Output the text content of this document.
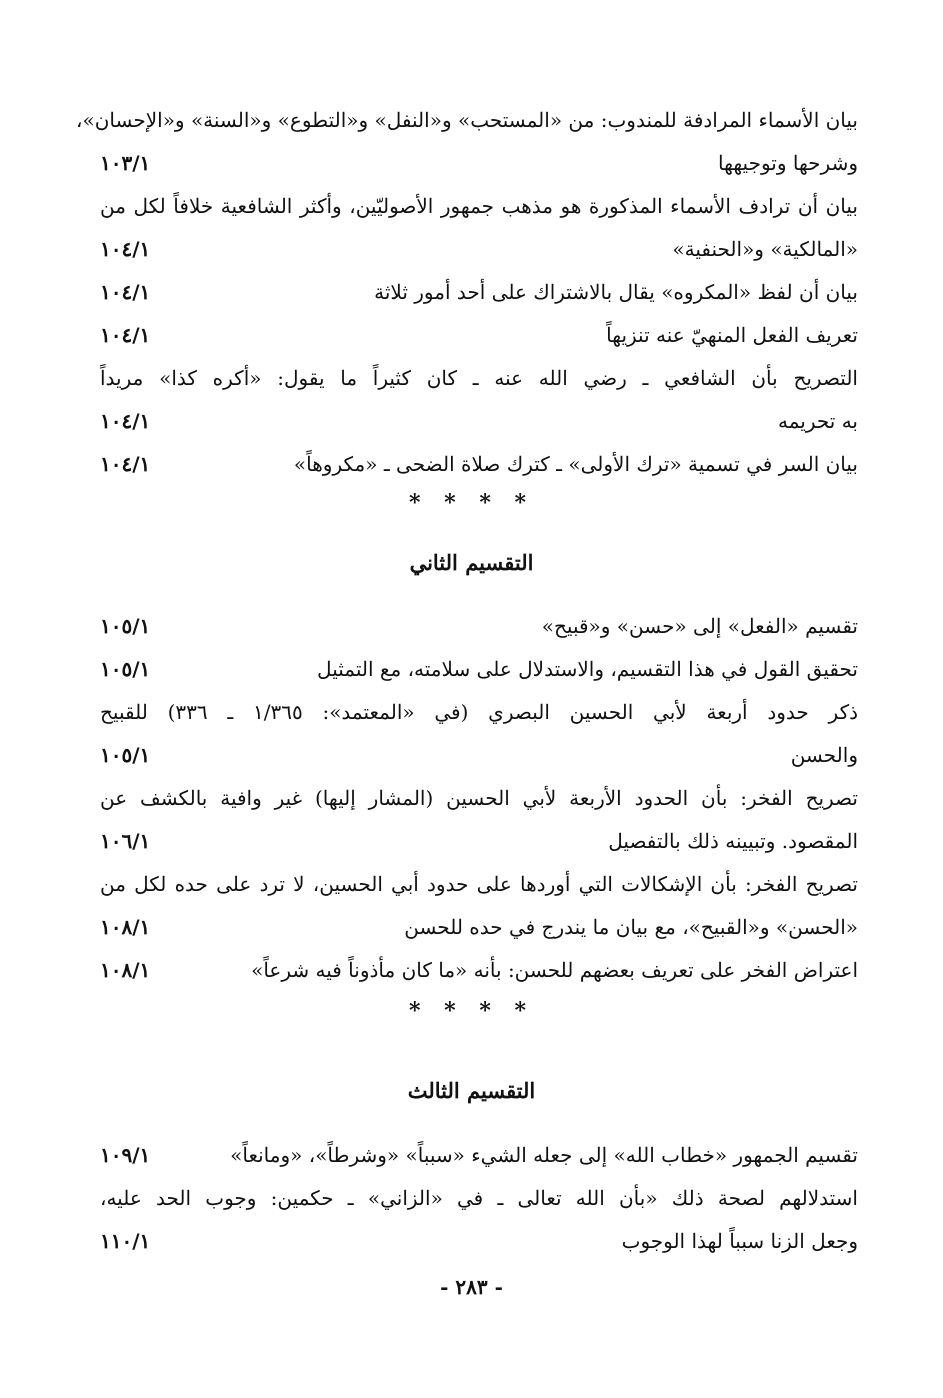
بيان الأسماء المرادفة للمندوب: من «المستحب» و«النفل» و«التطوع» و«السنة» و«الإحسان»،
وشرحها وتوجيهها
١٠٣/١
بيان أن ترادف الأسماء المذكورة هو مذهب جمهور الأصوليّين، وأكثر الشافعية خلافاً لكل من
«المالكية» و«الحنفية»
١٠٤/١
بيان أن لفظ «المكروه» يقال بالاشتراك على أحد أمور ثلاثة
١٠٤/١
تعريف الفعل المنهيّ عنه تنزيهاً
١٠٤/١
التصريح بأن الشافعي ـ رضي الله عنه ـ كان كثيراً ما يقول: «أكره كذا» مريداً
به تحريمه
١٠٤/١
بيان السر في تسمية «ترك الأولى» ـ كترك صلاة الضحى ـ «مكروهاً»
١٠٤/١
* * * *
التقسيم الثاني
تقسيم «الفعل» إلى «حسن» و«قبيح»
١٠٥/١
تحقيق القول في هذا التقسيم، والاستدلال على سلامته، مع التمثيل
١٠٥/١
ذكر حدود أربعة لأبي الحسين البصري (في «المعتمد»: ١/٣٦٥ ـ ٣٣٦) للقبيح
والحسن
١٠٥/١
تصريح الفخر: بأن الحدود الأربعة لأبي الحسين (المشار إليها) غير وافية بالكشف عن
المقصود. وتبيينه ذلك بالتفصيل
١٠٦/١
تصريح الفخر: بأن الإشكالات التي أوردها على حدود أبي الحسين، لا ترد على حده لكل من
«الحسن» و«القبيح»، مع بيان ما يندرج في حده للحسن
١٠٨/١
اعتراض الفخر على تعريف بعضهم للحسن: بأنه «ما كان مأذوناً فيه شرعاً»
١٠٨/١
* * * *
التقسيم الثالث
تقسيم الجمهور «خطاب الله» إلى جعله الشيء «سبباً» «وشرطاً»، «ومانعاً»
١٠٩/١
استدلالهم لصحة ذلك «بأن الله تعالى ـ في «الزاني» ـ حكمين: وجوب الحد عليه،
وجعل الزنا سبباً لهذا الوجوب
١١٠/١
- ٢٨٣ -
